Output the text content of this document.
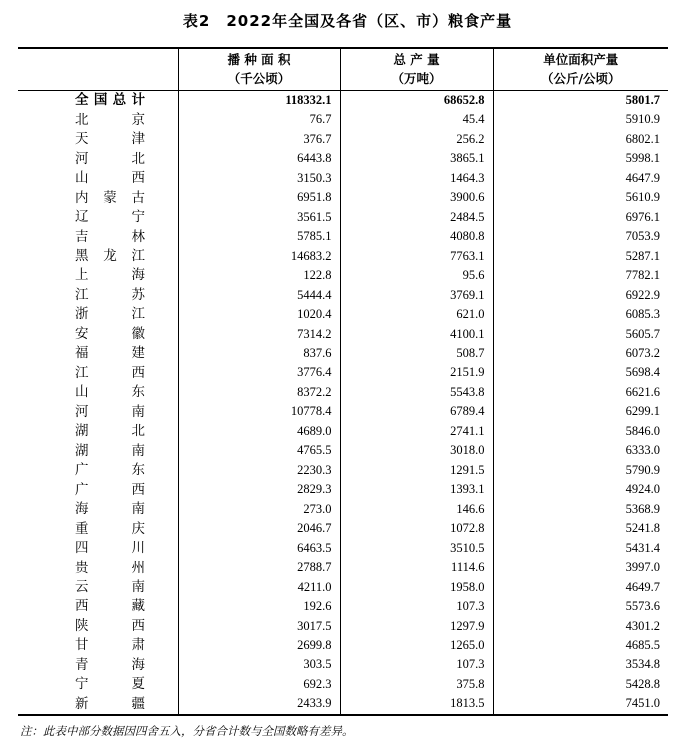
表2　2022年全国及各省（区、市）粮食产量

播 种 面 积
（千公顷）

总 产 量
（万吨）

单位面积产量
（公斤/公顷）

全国总计	118332.1	68652.8	5801.7
北京	76.7	45.4	5910.9
天津	376.7	256.2	6802.1
河北	6443.8	3865.1	5998.1
山西	3150.3	1464.3	4647.9
内蒙古	6951.8	3900.6	5610.9
辽宁	3561.5	2484.5	6976.1
吉林	5785.1	4080.8	7053.9
黑龙江	14683.2	7763.1	5287.1
上海	122.8	95.6	7782.1
江苏	5444.4	3769.1	6922.9
浙江	1020.4	621.0	6085.3
安徽	7314.2	4100.1	5605.7
福建	837.6	508.7	6073.2
江西	3776.4	2151.9	5698.4
山东	8372.2	5543.8	6621.6
河南	10778.4	6789.4	6299.1
湖北	4689.0	2741.1	5846.0
湖南	4765.5	3018.0	6333.0
广东	2230.3	1291.5	5790.9
广西	2829.3	1393.1	4924.0
海南	273.0	146.6	5368.9
重庆	2046.7	1072.8	5241.8
四川	6463.5	3510.5	5431.4
贵州	2788.7	1114.6	3997.0
云南	4211.0	1958.0	4649.7
西藏	192.6	107.3	5573.6
陕西	3017.5	1297.9	4301.2
甘肃	2699.8	1265.0	4685.5
青海	303.5	107.3	3534.8
宁夏	692.3	375.8	5428.8
新疆	2433.9	1813.5	7451.0
注：此表中部分数据因四舍五入，分省合计数与全国数略有差异。
